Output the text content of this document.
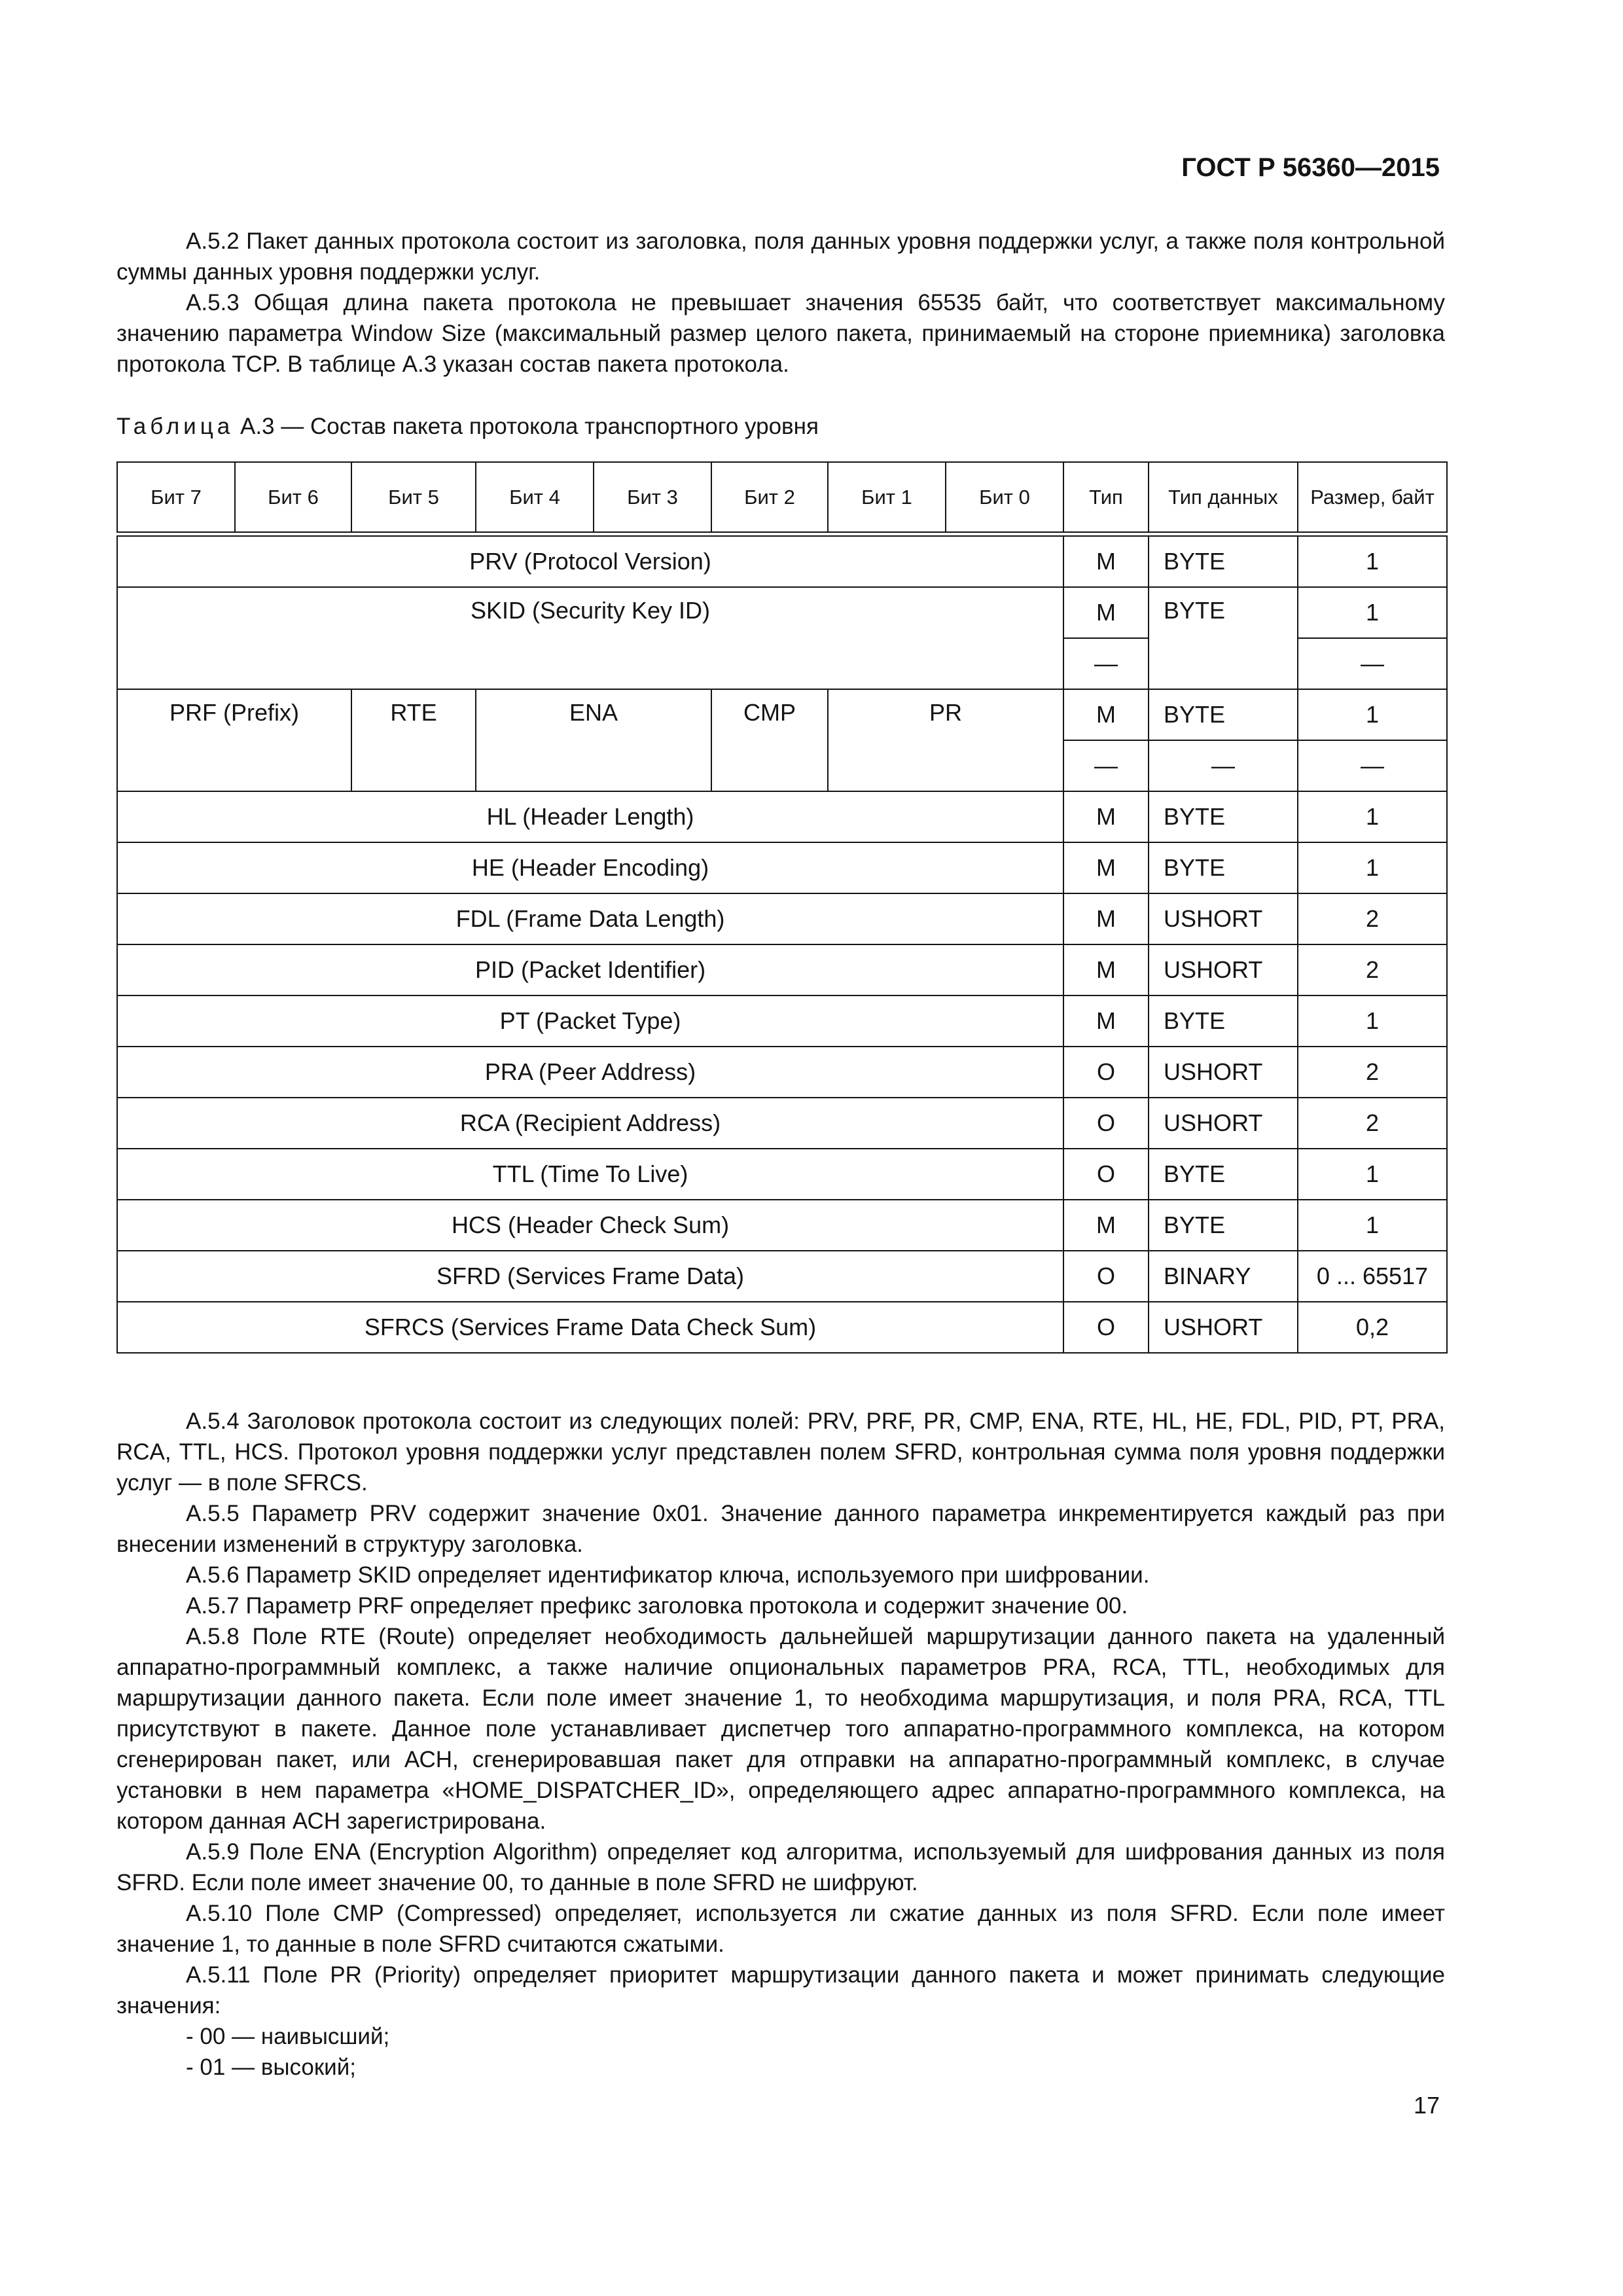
ГОСТ Р 56360—2015

А.5.2 Пакет данных протокола состоит из заголовка, поля данных уровня поддержки услуг, а также поля контрольной суммы данных уровня поддержки услуг.

А.5.3 Общая длина пакета протокола не превышает значения 65535 байт, что соответствует максимальному значению параметра Window Size (максимальный размер целого пакета, принимаемый на стороне приемника) заголовка протокола TCP. В таблице А.3 указан состав пакета протокола.

Таблица А.3 — Состав пакета протокола транспортного уровня
Бит 7	Бит 6	Бит 5	Бит 4	Бит 3	Бит 2	Бит 1	Бит 0	Тип	Тип данных	Размер, байт

PRV (Protocol Version)								M	BYTE	1
SKID (Security Key ID)								M	BYTE	1
								—		—
PRF (Prefix)		RTE	ENA		CMP	PR		M	BYTE	1
								—	—	—
HL (Header Length)								M	BYTE	1
HE (Header Encoding)								M	BYTE	1
FDL (Frame Data Length)								M	USHORT	2
PID (Packet Identifier)								M	USHORT	2
PT (Packet Type)								M	BYTE	1
PRA (Peer Address)								O	USHORT	2
RCA (Recipient Address)								O	USHORT	2
TTL (Time To Live)								O	BYTE	1
HCS (Header Check Sum)								M	BYTE	1
SFRD (Services Frame Data)								O	BINARY	0 ... 65517
SFRCS (Services Frame Data Check Sum)								O	USHORT	0,2

А.5.4 Заголовок протокола состоит из следующих полей: PRV, PRF, PR, CMP, ENA, RTE, HL, HE, FDL, PID, PT, PRA, RCA, TTL, HCS. Протокол уровня поддержки услуг представлен полем SFRD, контрольная сумма поля уровня поддержки услуг — в поле SFRCS.

А.5.5 Параметр PRV содержит значение 0x01. Значение данного параметра инкрементируется каждый раз при внесении изменений в структуру заголовка.

А.5.6 Параметр SKID определяет идентификатор ключа, используемого при шифровании.

А.5.7 Параметр PRF определяет префикс заголовка протокола и содержит значение 00.

А.5.8 Поле RTE (Route) определяет необходимость дальнейшей маршрутизации данного пакета на удаленный аппаратно-программный комплекс, а также наличие опциональных параметров PRA, RCA, TTL, необходимых для маршрутизации данного пакета. Если поле имеет значение 1, то необходима маршрутизация, и поля PRA, RCA, TTL присутствуют в пакете. Данное поле устанавливает диспетчер того аппаратно-программного комплекса, на котором сгенерирован пакет, или АСН, сгенерировавшая пакет для отправки на аппаратно-программный комплекс, в случае установки в нем параметра «HOME_DISPATCHER_ID», определяющего адрес аппаратно-программного комплекса, на котором данная АСН зарегистрирована.

А.5.9 Поле ENA (Encryption Algorithm) определяет код алгоритма, используемый для шифрования данных из поля SFRD. Если поле имеет значение 00, то данные в поле SFRD не шифруют.

А.5.10 Поле CMP (Compressed) определяет, используется ли сжатие данных из поля SFRD. Если поле имеет значение 1, то данные в поле SFRD считаются сжатыми.

А.5.11 Поле PR (Priority) определяет приоритет маршрутизации данного пакета и может принимать следующие значения:

- 00 — наивысший;

- 01 — высокий;

17
